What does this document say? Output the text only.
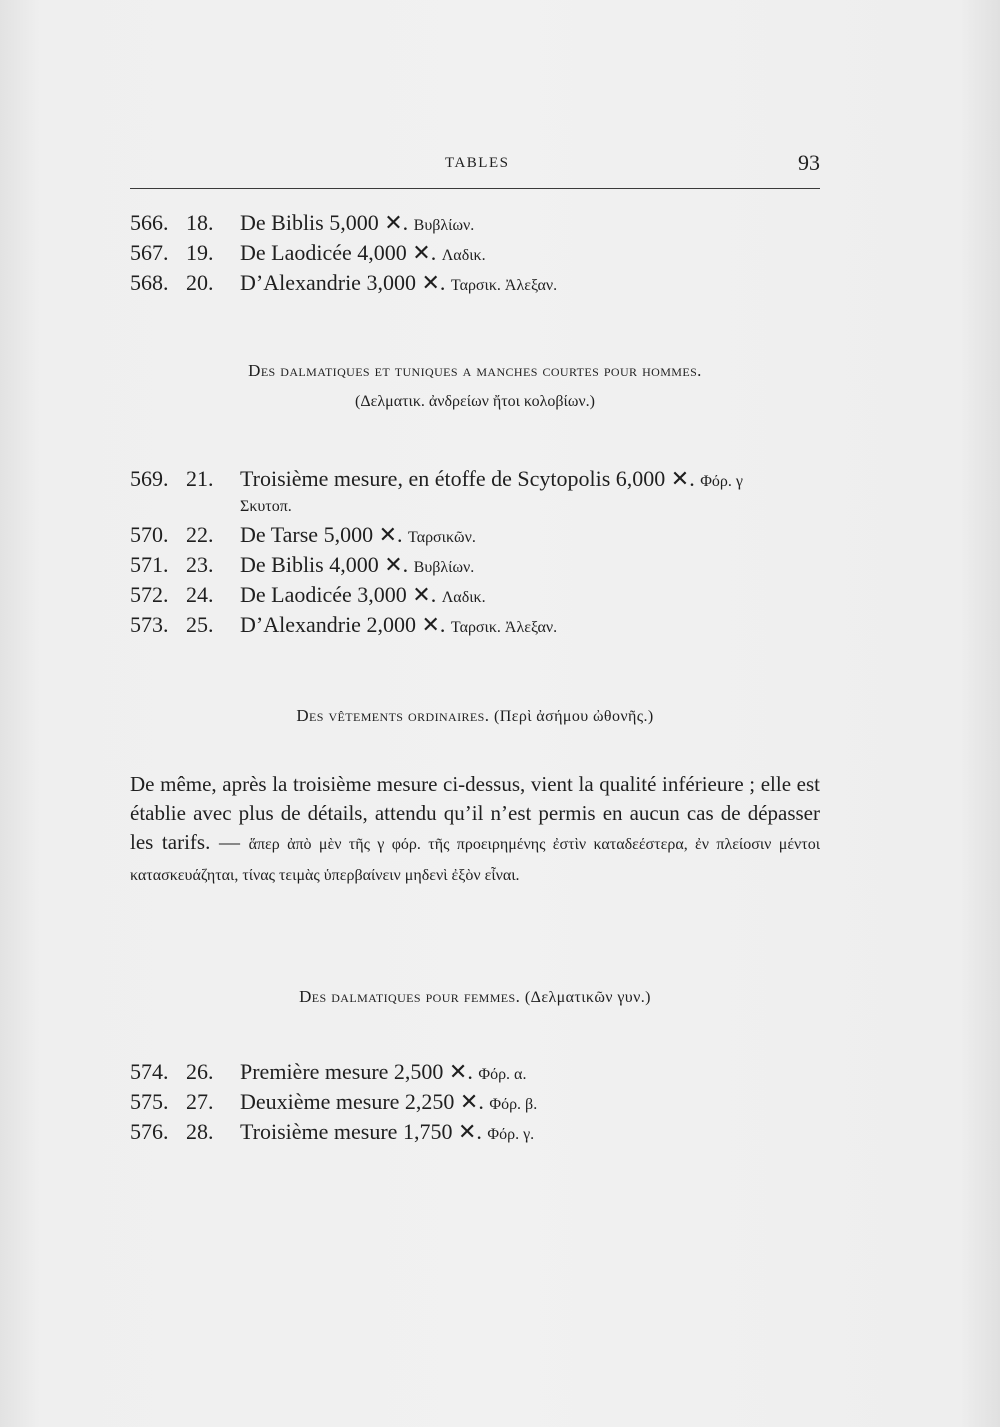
TABLES	93
566. 18. De Biblis 5,000 ✕. Βυβλίων.
567. 19. De Laodicée 4,000 ✕. Λαδικ.
568. 20. D’Alexandrie 3,000 ✕. Ταρσικ. Ἀλεξαν.
Des dalmatiques et tuniques a manches courtes pour hommes.
(Δελματικ. ἀνδρείων ἤτοι κολοβίων.)
569. 21. Troisième mesure, en étoffe de Scytopolis 6,000 ✕. Φόρ. γ
Σκυτοπ.
570. 22. De Tarse 5,000 ✕. Ταρσικῶν.
571. 23. De Biblis 4,000 ✕. Βυβλίων.
572. 24. De Laodicée 3,000 ✕. Λαδικ.
573. 25. D’Alexandrie 2,000 ✕. Ταρσικ. Ἀλεξαν.
Des vêtements ordinaires. (Περὶ ἀσήμου ὠθονῆς.)
De même, après la troisième mesure ci-dessus, vient la qualité inférieure ; elle est établie avec plus de détails, attendu qu’il n’est permis en aucun cas de dépasser les tarifs. — ἅπερ ἀπὸ μὲν τῆς γ φόρ. τῆς προειρημένης ἐστὶν καταδεέστερα, ἐν πλείοσιν μέντοι κατασκευάζηται, τίνας τειμὰς ὑπερβαίνειν μηδενὶ ἐξὸν εἶναι.
Des dalmatiques pour femmes. (Δελματικῶν γυν.)
574. 26. Première mesure 2,500 ✕. Φόρ. α.
575. 27. Deuxième mesure 2,250 ✕. Φόρ. β.
576. 28. Troisième mesure 1,750 ✕. Φόρ. γ.
